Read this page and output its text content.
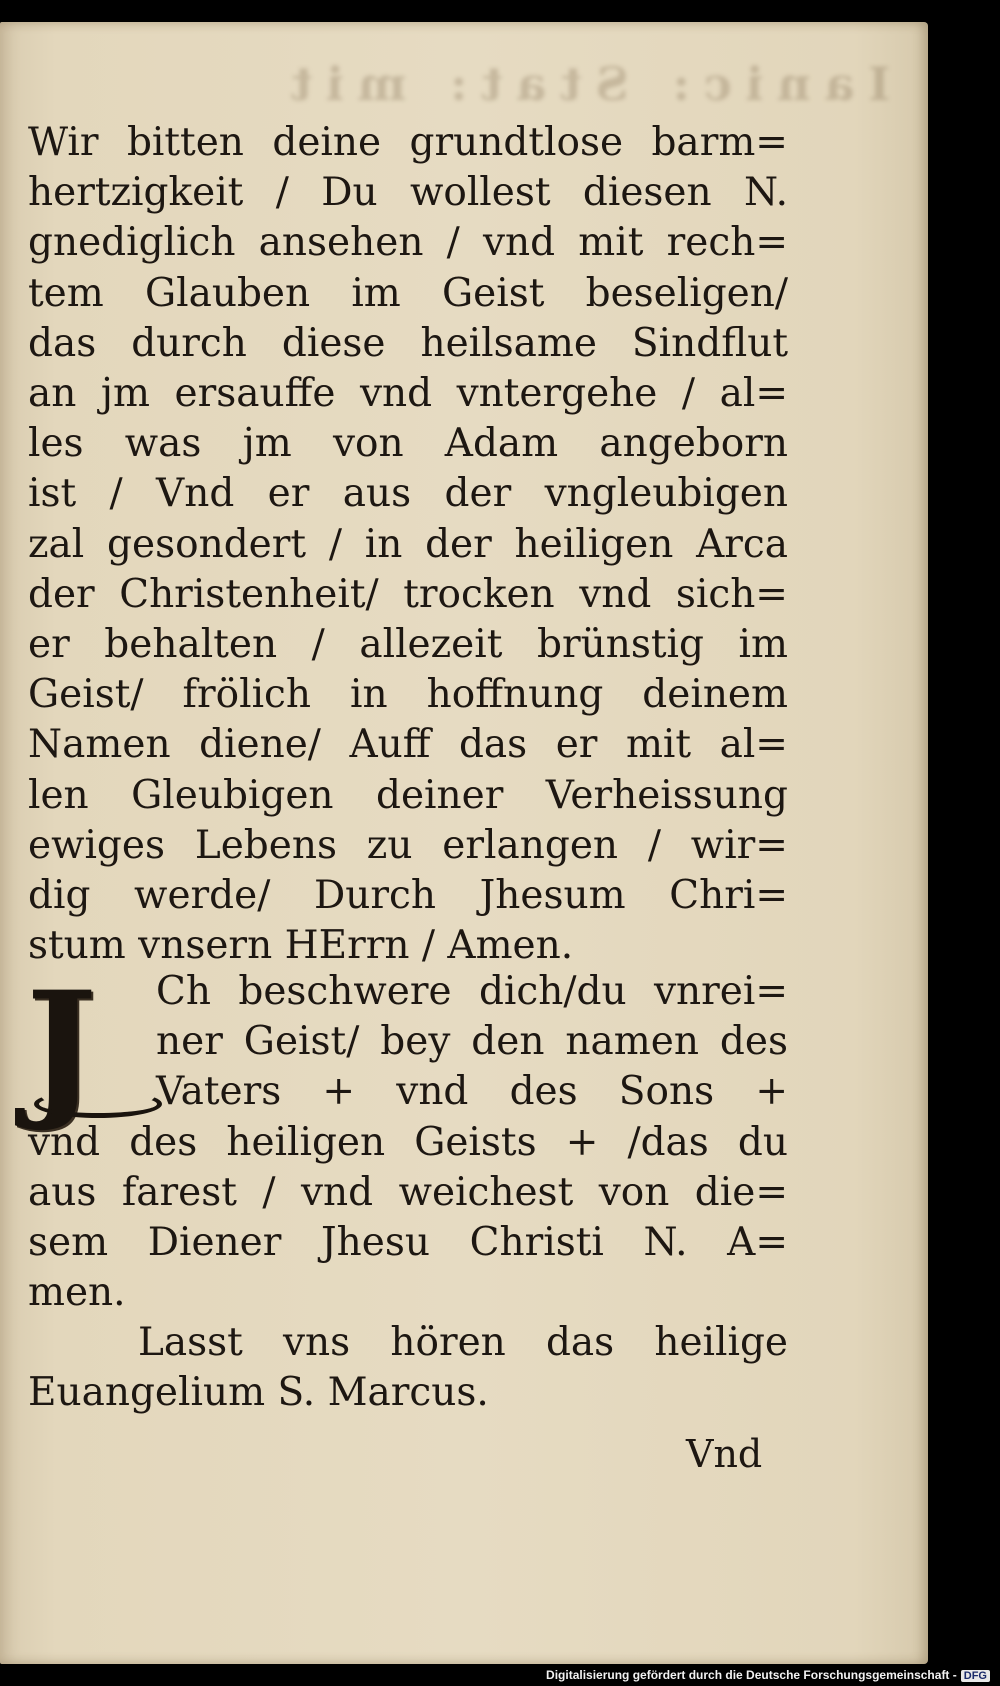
Ianic: Stat: mit
Wir bitten deine grundtlose barm=
hertzigkeit / Du wollest diesen N.
gnediglich ansehen / vnd mit rech=
tem Glauben im Geist beseligen/
das durch diese heilsame Sindflut
an jm ersauffe vnd vntergehe / al=
les was jm von Adam angeborn
ist / Vnd er aus der vngleubigen
zal gesondert / in der heiligen Arca
der Christenheit/ trocken vnd sich=
er behalten / allezeit brünstig im
Geist/ frölich in hoffnung deinem
Namen diene/ Auff das er mit al=
len Gleubigen deiner Verheissung
ewiges Lebens zu erlangen / wir=
dig werde/ Durch Jhesum Chri=
stum vnsern HErrn / Amen.
J	Ch beschwere dich/du vnrei=
ner Geist/ bey den namen des
Vaters + vnd des Sons +
vnd des heiligen Geists + /das du
aus farest / vnd weichest von die=
sem Diener Jhesu Christi N. A=
men.
Lasst vns hören das heilige
Euangelium S. Marcus.
Vnd
Digitalisierung gefördert durch die Deutsche Forschungsgemeinschaft - DFG
